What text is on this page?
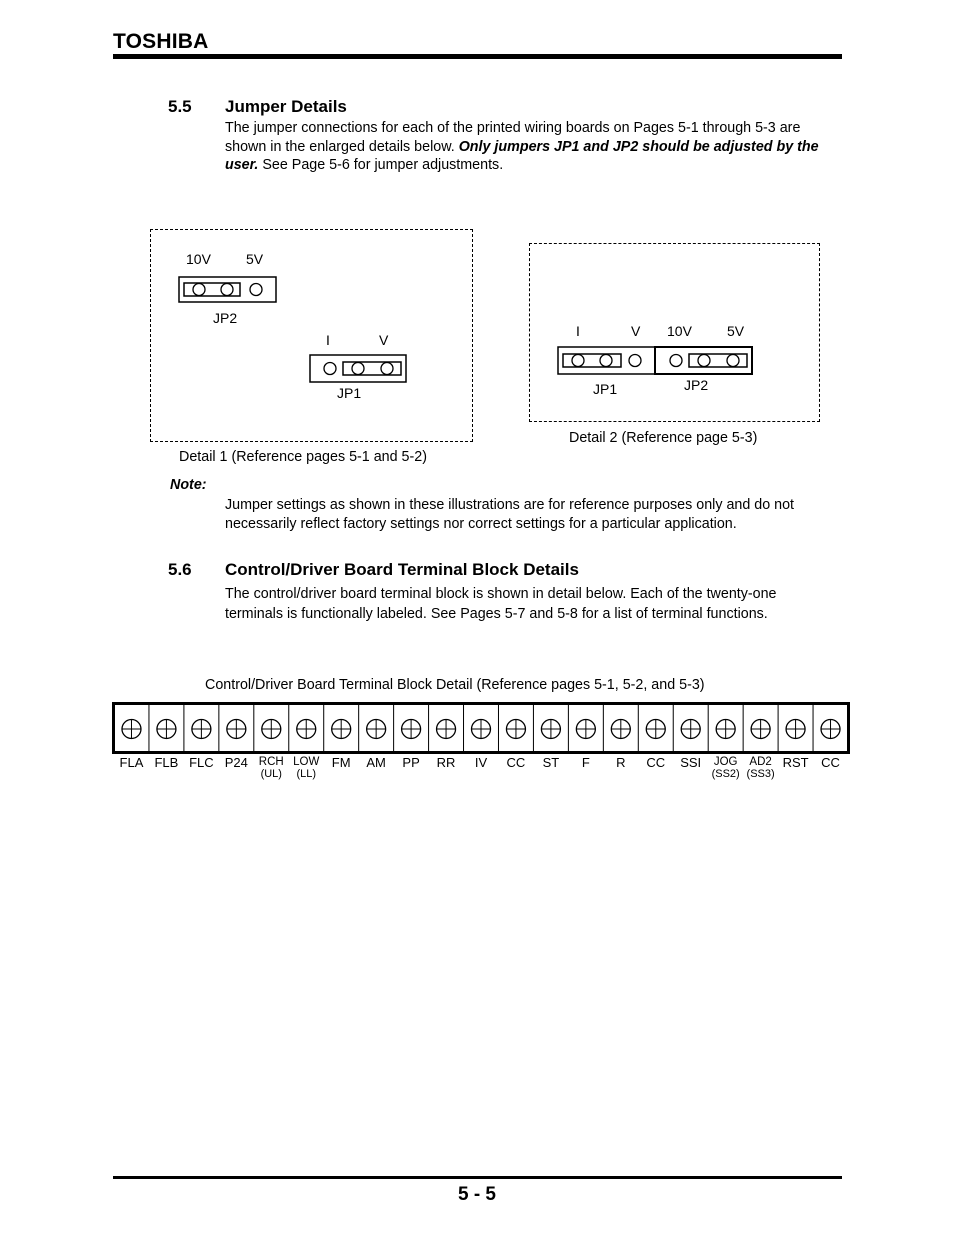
TOSHIBA
5.5 Jumper Details
The jumper connections for each of the printed wiring boards on Pages 5-1 through 5-3 are shown in the enlarged details below. Only jumpers JP1 and JP2 should be adjusted by the user. See Page 5-6 for jumper adjustments.
10V	5V
JP2
I	V
JP1
Detail 1 (Reference pages 5-1 and 5-2)
I	V 10V	5V
JP1	JP2
Detail 2 (Reference page 5-3)
Note:
Jumper settings as shown in these illustrations are for reference purposes only and do not necessarily reflect factory settings nor correct settings for a particular application.
5.6 Control/Driver Board Terminal Block Details
The control/driver board terminal block is shown in detail below. Each of the twenty-one terminals is functionally labeled. See Pages 5-7 and 5-8 for a list of terminal functions.
Control/Driver Board Terminal Block Detail (Reference pages 5-1, 5-2, and 5-3)
FLA FLB FLC P24 RCH
(UL)
LOW
(LL)
FM	AM	PP	RR	IV	CC	ST	F	R	CC	SSI	JOG
(SS2)
AD2
(SS3)
RST CC
5 - 5
